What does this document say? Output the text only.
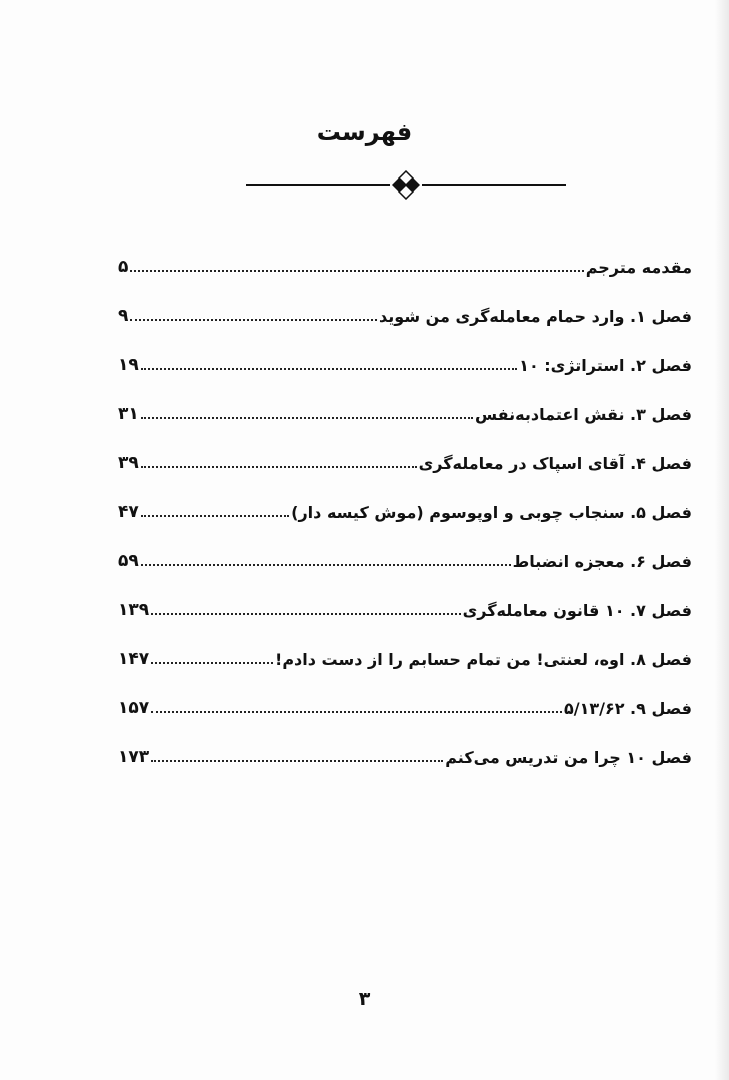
فهرست
مقدمه مترجم
۵
فصل ۱. وارد حمام معامله‌گری من شوید
۹
فصل ۲. استراتژی: ۱۰
۱۹
فصل ۳. نقش اعتمادبه‌نفس
۳۱
فصل ۴. آقای اسپاک در معامله‌گری
۳۹
فصل ۵. سنجاب چوبی و اوپوسوم (موش کیسه دار)
۴۷
فصل ۶. معجزه انضباط
۵۹
فصل ۷. ۱۰ قانون معامله‌گری
۱۳۹
فصل ۸. اوه، لعنتی! من تمام حسابم را از دست دادم!
۱۴۷
فصل ۹. ۵/۱۳/۶۲
۱۵۷
فصل ۱۰ چرا من تدریس می‌کنم
۱۷۳
۳
